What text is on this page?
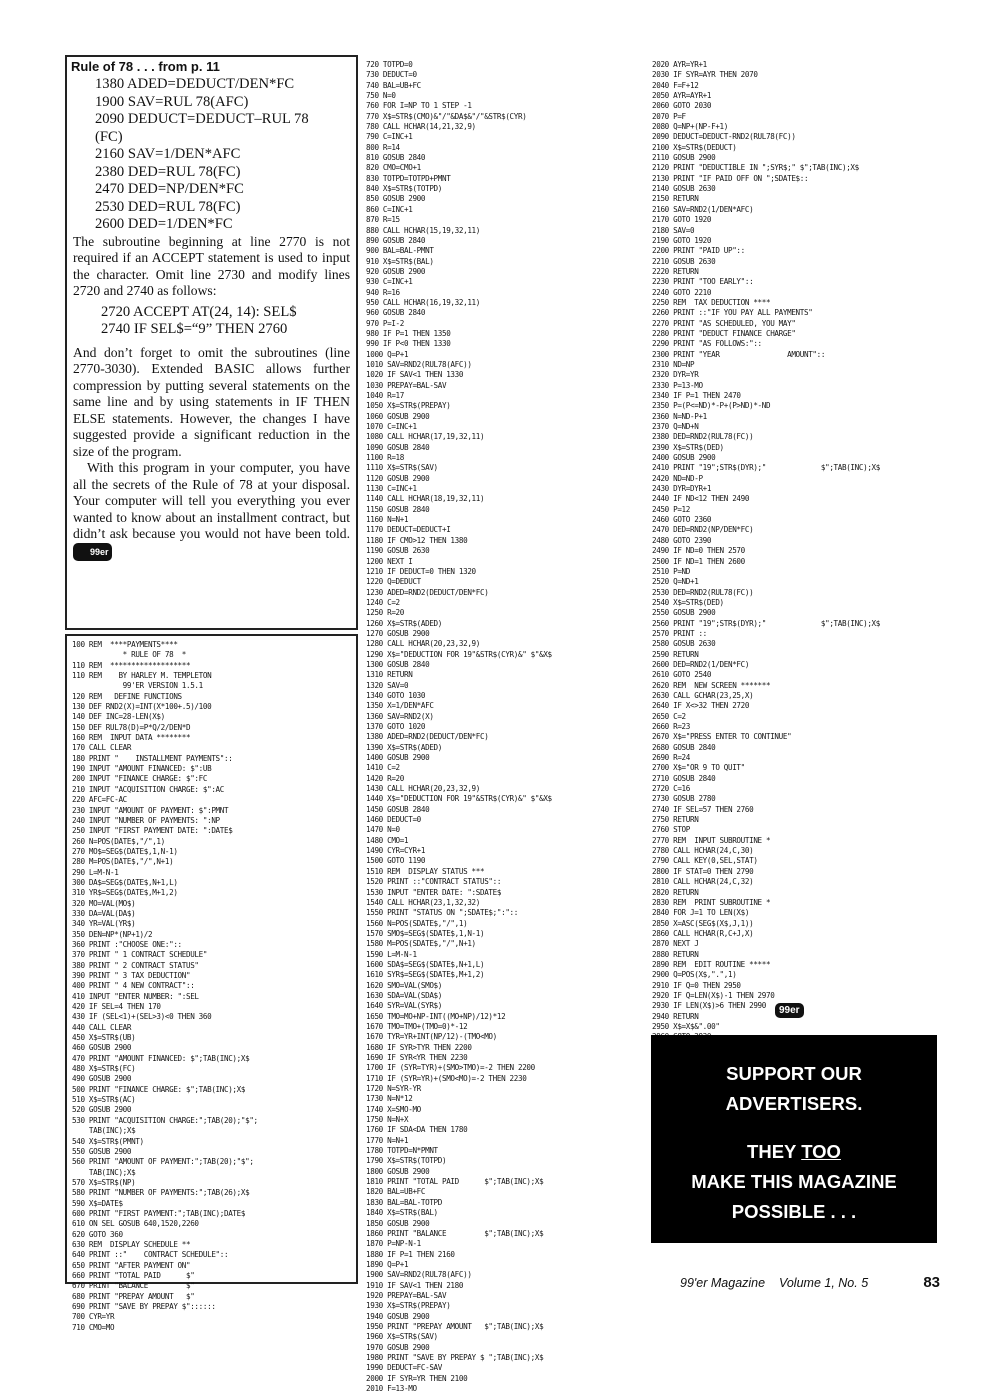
Rule of 78 . . . from p. 11
1380 ADED=DEDUCT/DEN*FC
1900 SAV=RUL 78(AFC)
2090 DEDUCT=DEDUCT–RUL 78
(FC)
2160 SAV=1/DEN*AFC
2380 DED=RUL 78(FC)
2470 DED=NP/DEN*FC
2530 DED=RUL 78(FC)
2600 DED=1/DEN*FC

The subroutine beginning at line 2770 is not required if an ACCEPT statement is used to input the character. Omit line 2730 and modify lines 2720 and 2740 as follows:

2720 ACCEPT AT(24, 14): SEL$
2740 IF SEL$=“9” THEN 2760

And don’t forget to omit the subroutines (line 2770-3030). Extended BASIC allows further compression by putting several statements on the same line and by using statements in IF THEN ELSE statements. However, the changes I have suggested provide a significant reduction in the size of the program.

With this program in your computer, you have all the secrets of the Rule of 78 at your disposal. Your computer will tell you everything you ever wanted to know about an installment contract, but didn’t ask because you would not have been told. 99er

100 REM  ****PAYMENTS****
* RULE OF 78  *
110 REM  *******************
110 REM    BY HARLEY M. TEMPLETON
99'ER VERSION 1.5.1
120 REM   DEFINE FUNCTIONS
130 DEF RND2(X)=INT(X*100+.5)/100
140 DEF INC=28-LEN(X$)
150 DEF RUL78(D)=P*Q/2/DEN*D
160 REM  INPUT DATA ********
170 CALL CLEAR
180 PRINT "    INSTALLMENT PAYMENTS"::
190 INPUT "AMOUNT FINANCED: $":UB
200 INPUT "FINANCE CHARGE: $":FC
210 INPUT "ACQUISITION CHARGE: $":AC
220 AFC=FC-AC
230 INPUT "AMOUNT OF PAYMENT: $":PMNT
240 INPUT "NUMBER OF PAYMENTS: ":NP
250 INPUT "FIRST PAYMENT DATE: ":DATE$
260 N=POS(DATE$,"/",1)
270 MO$=SEG$(DATE$,1,N-1)
280 M=POS(DATE$,"/",N+1)
290 L=M-N-1
300 DA$=SEG$(DATE$,N+1,L)
310 YR$=SEG$(DATE$,M+1,2)
320 MO=VAL(MO$)
330 DA=VAL(DA$)
340 YR=VAL(YR$)
350 DEN=NP*(NP+1)/2
360 PRINT :"CHOOSE ONE:"::
370 PRINT " 1 CONTRACT SCHEDULE"
380 PRINT " 2 CONTRACT STATUS"
390 PRINT " 3 TAX DEDUCTION"
400 PRINT " 4 NEW CONTRACT"::
410 INPUT "ENTER NUMBER: ":SEL
420 IF SEL=4 THEN 170
430 IF (SEL<1)+(SEL>3)<0 THEN 360
440 CALL CLEAR
450 X$=STR$(UB)
460 GOSUB 2900
470 PRINT "AMOUNT FINANCED: $";TAB(INC);X$
480 X$=STR$(FC)
490 GOSUB 2900
500 PRINT "FINANCE CHARGE: $";TAB(INC);X$
510 X$=STR$(AC)
520 GOSUB 2900
530 PRINT "ACQUISITION CHARGE:";TAB(20);"$";
TAB(INC);X$
540 X$=STR$(PMNT)
550 GOSUB 2900
560 PRINT "AMOUNT OF PAYMENT:";TAB(20);"$";
TAB(INC);X$
570 X$=STR$(NP)
580 PRINT "NUMBER OF PAYMENTS:";TAB(26);X$
590 X$=DATE$
600 PRINT "FIRST PAYMENT:";TAB(INC);DATE$
610 ON SEL GOSUB 640,1520,2260
620 GOTO 360
630 REM  DISPLAY SCHEDULE **
640 PRINT ::"    CONTRACT SCHEDULE"::
650 PRINT "AFTER PAYMENT ON"
660 PRINT "TOTAL PAID      $"
670 PRINT "BALANCE         $"
680 PRINT "PREPAY AMOUNT   $"
690 PRINT "SAVE BY PREPAY $"::::::
700 CYR=YR
710 CMO=MO
720 TOTPD=0
730 DEDUCT=0
740 BAL=UB+FC
750 N=0
760 FOR I=NP TO 1 STEP -1
770 X$=STR$(CMO)&"/"&DA$&"/"&STR$(CYR)
780 CALL HCHAR(14,21,32,9)
790 C=INC+1
800 R=14
810 GOSUB 2840
820 CMO=CMO+1
830 TOTPD=TOTPD+PMNT
840 X$=STR$(TOTPD)
850 GOSUB 2900
860 C=INC+1
870 R=15
880 CALL HCHAR(15,19,32,11)
890 GOSUB 2840
900 BAL=BAL-PMNT
910 X$=STR$(BAL)
920 GOSUB 2900
930 C=INC+1
940 R=16
950 CALL HCHAR(16,19,32,11)
960 GOSUB 2840
970 P=I-2
980 IF P=1 THEN 1350
990 IF P<0 THEN 1330
1000 Q=P+1
1010 SAV=RND2(RUL78(AFC))
1020 IF SAV<1 THEN 1330
1030 PREPAY=BAL-SAV
1040 R=17
1050 X$=STR$(PREPAY)
1060 GOSUB 2900
1070 C=INC+1
1080 CALL HCHAR(17,19,32,11)
1090 GOSUB 2840
1100 R=18
1110 X$=STR$(SAV)
1120 GOSUB 2900
1130 C=INC+1
1140 CALL HCHAR(18,19,32,11)
1150 GOSUB 2840
1160 N=N+1
1170 DEDUCT=DEDUCT+I
1180 IF CMO>12 THEN 1380
1190 GOSUB 2630
1200 NEXT I
1210 IF DEDUCT=0 THEN 1320
1220 Q=DEDUCT
1230 ADED=RND2(DEDUCT/DEN*FC)
1240 C=2
1250 R=20
1260 X$=STR$(ADED)
1270 GOSUB 2900
1280 CALL HCHAR(20,23,32,9)
1290 X$="DEDUCTION FOR 19"&STR$(CYR)&" $"&X$
1300 GOSUB 2840
1310 RETURN
1320 SAV=0
1340 GOTO 1030
1350 X=1/DEN*AFC
1360 SAV=RND2(X)
1370 GOTO 1020
1380 ADED=RND2(DEDUCT/DEN*FC)
1390 X$=STR$(ADED)
1400 GOSUB 2900
1410 C=2
1420 R=20
1430 CALL HCHAR(20,23,32,9)
1440 X$="DEDUCTION FOR 19"&STR$(CYR)&" $"&X$
1450 GOSUB 2840
1460 DEDUCT=0
1470 N=0
1480 CMO=1
1490 CYR=CYR+1
1500 GOTO 1190
1510 REM  DISPLAY STATUS ***
1520 PRINT ::"CONTRACT STATUS"::
1530 INPUT "ENTER DATE: ":SDATE$
1540 CALL HCHAR(23,1,32,32)
1550 PRINT "STATUS ON ";SDATE$;":"::
1560 N=POS(SDATE$,"/",1)
1570 SMO$=SEG$(SDATE$,1,N-1)
1580 M=POS(SDATE$,"/",N+1)
1590 L=M-N-1
1600 SDA$=SEG$(SDATE$,N+1,L)
1610 SYR$=SEG$(SDATE$,M+1,2)
1620 SMO=VAL(SMO$)
1630 SDA=VAL(SDA$)
1640 SYR=VAL(SYR$)
1650 TMO=MO+NP-INT((MO+NP)/12)*12
1670 TMO=TMO+(TMO=0)*-12
1670 TYR=YR+INT(NP/12)-(TMO<MO)
1680 IF SYR>TYR THEN 2200
1690 IF SYR<YR THEN 2230
1700 IF (SYR=TYR)+(SMO>TMO)=-2 THEN 2200
1710 IF (SYR=YR)+(SMO<MO)=-2 THEN 2230
1720 N=SYR-YR
1730 N=N*12
1740 X=SMO-MO
1750 N=N+X
1760 IF SDA<DA THEN 1780
1770 N=N+1
1780 TOTPD=N*PMNT
1790 X$=STR$(TOTPD)
1800 GOSUB 2900
1810 PRINT "TOTAL PAID      $";TAB(INC);X$
1820 BAL=UB+FC
1830 BAL=BAL-TOTPD
1840 X$=STR$(BAL)
1850 GOSUB 2900
1860 PRINT "BALANCE         $";TAB(INC);X$
1870 P=NP-N-1
1880 IF P=1 THEN 2160
1890 Q=P+1
1900 SAV=RND2(RUL78(AFC))
1910 IF SAV<1 THEN 2180
1920 PREPAY=BAL-SAV
1930 X$=STR$(PREPAY)
1940 GOSUB 2900
1950 PRINT "PREPAY AMOUNT   $";TAB(INC);X$
1960 X$=STR$(SAV)
1970 GOSUB 2900
1980 PRINT "SAVE BY PREPAY $ ";TAB(INC);X$
1990 DEDUCT=FC-SAV
2000 IF SYR=YR THEN 2100
2010 F=13-MO
2020 AYR=YR+1
2030 IF SYR=AYR THEN 2070
2040 F=F+12
2050 AYR=AYR+1
2060 GOTO 2030
2070 P=F
2080 Q=NP+(NP-F+1)
2090 DEDUCT=DEDUCT-RND2(RUL78(FC))
2100 X$=STR$(DEDUCT)
2110 GOSUB 2900
2120 PRINT "DEDUCTIBLE IN ";SYR$;" $";TAB(INC);X$
2130 PRINT "IF PAID OFF ON ";SDATE$::
2140 GOSUB 2630
2150 RETURN
2160 SAV=RND2(1/DEN*AFC)
2170 GOTO 1920
2180 SAV=0
2190 GOTO 1920
2200 PRINT "PAID UP"::
2210 GOSUB 2630
2220 RETURN
2230 PRINT "TOO EARLY"::
2240 GOTO 2210
2250 REM  TAX DEDUCTION ****
2260 PRINT ::"IF YOU PAY ALL PAYMENTS"
2270 PRINT "AS SCHEDULED, YOU MAY"
2280 PRINT "DEDUCT FINANCE CHARGE"
2290 PRINT "AS FOLLOWS:"::
2300 PRINT "YEAR                AMOUNT"::
2310 ND=NP
2320 DYR=YR
2330 P=13-MO
2340 IF P=1 THEN 2470
2350 P=(P<=ND)*-P+(P>ND)*-ND
2360 N=ND-P+1
2370 Q=ND+N
2380 DED=RND2(RUL78(FC))
2390 X$=STR$(DED)
2400 GOSUB 2900
2410 PRINT "19";STR$(DYR);"             $";TAB(INC);X$
2420 ND=ND-P
2430 DYR=DYR+1
2440 IF ND<12 THEN 2490
2450 P=12
2460 GOTO 2360
2470 DED=RND2(NP/DEN*FC)
2480 GOTO 2390
2490 IF ND=0 THEN 2570
2500 IF ND=1 THEN 2600
2510 P=ND
2520 Q=ND+1
2530 DED=RND2(RUL78(FC))
2540 X$=STR$(DED)
2550 GOSUB 2900
2560 PRINT "19";STR$(DYR);"             $";TAB(INC);X$
2570 PRINT ::
2580 GOSUB 2630
2590 RETURN
2600 DED=RND2(1/DEN*FC)
2610 GOTO 2540
2620 REM  NEW SCREEN *******
2630 CALL GCHAR(23,25,X)
2640 IF X<>32 THEN 2720
2650 C=2
2660 R=23
2670 X$="PRESS ENTER TO CONTINUE"
2680 GOSUB 2840
2690 R=24
2700 X$="OR 9 TO QUIT"
2710 GOSUB 2840
2720 C=16
2730 GOSUB 2780
2740 IF SEL=57 THEN 2760
2750 RETURN
2760 STOP
2770 REM  INPUT SUBROUTINE *
2780 CALL HCHAR(24,C,30)
2790 CALL KEY(0,SEL,STAT)
2800 IF STAT=0 THEN 2790
2810 CALL HCHAR(24,C,32)
2820 RETURN
2830 REM  PRINT SUBROUTINE *
2840 FOR J=1 TO LEN(X$)
2850 X=ASC(SEG$(X$,J,1))
2860 CALL HCHAR(R,C+J,X)
2870 NEXT J
2880 RETURN
2890 REM  EDIT ROUTINE *****
2900 Q=POS(X$,".",1)
2910 IF Q=0 THEN 2950
2920 IF Q=LEN(X$)-1 THEN 2970
2930 IF LEN(X$)>6 THEN 2990
2940 RETURN
2950 X$=X$&".00"
99er
SUPPORT OUR
ADVERTISERS.
THEY TOO
MAKE THIS MAGAZINE
POSSIBLE . . .
99'er Magazine Volume 1, No. 5	83
